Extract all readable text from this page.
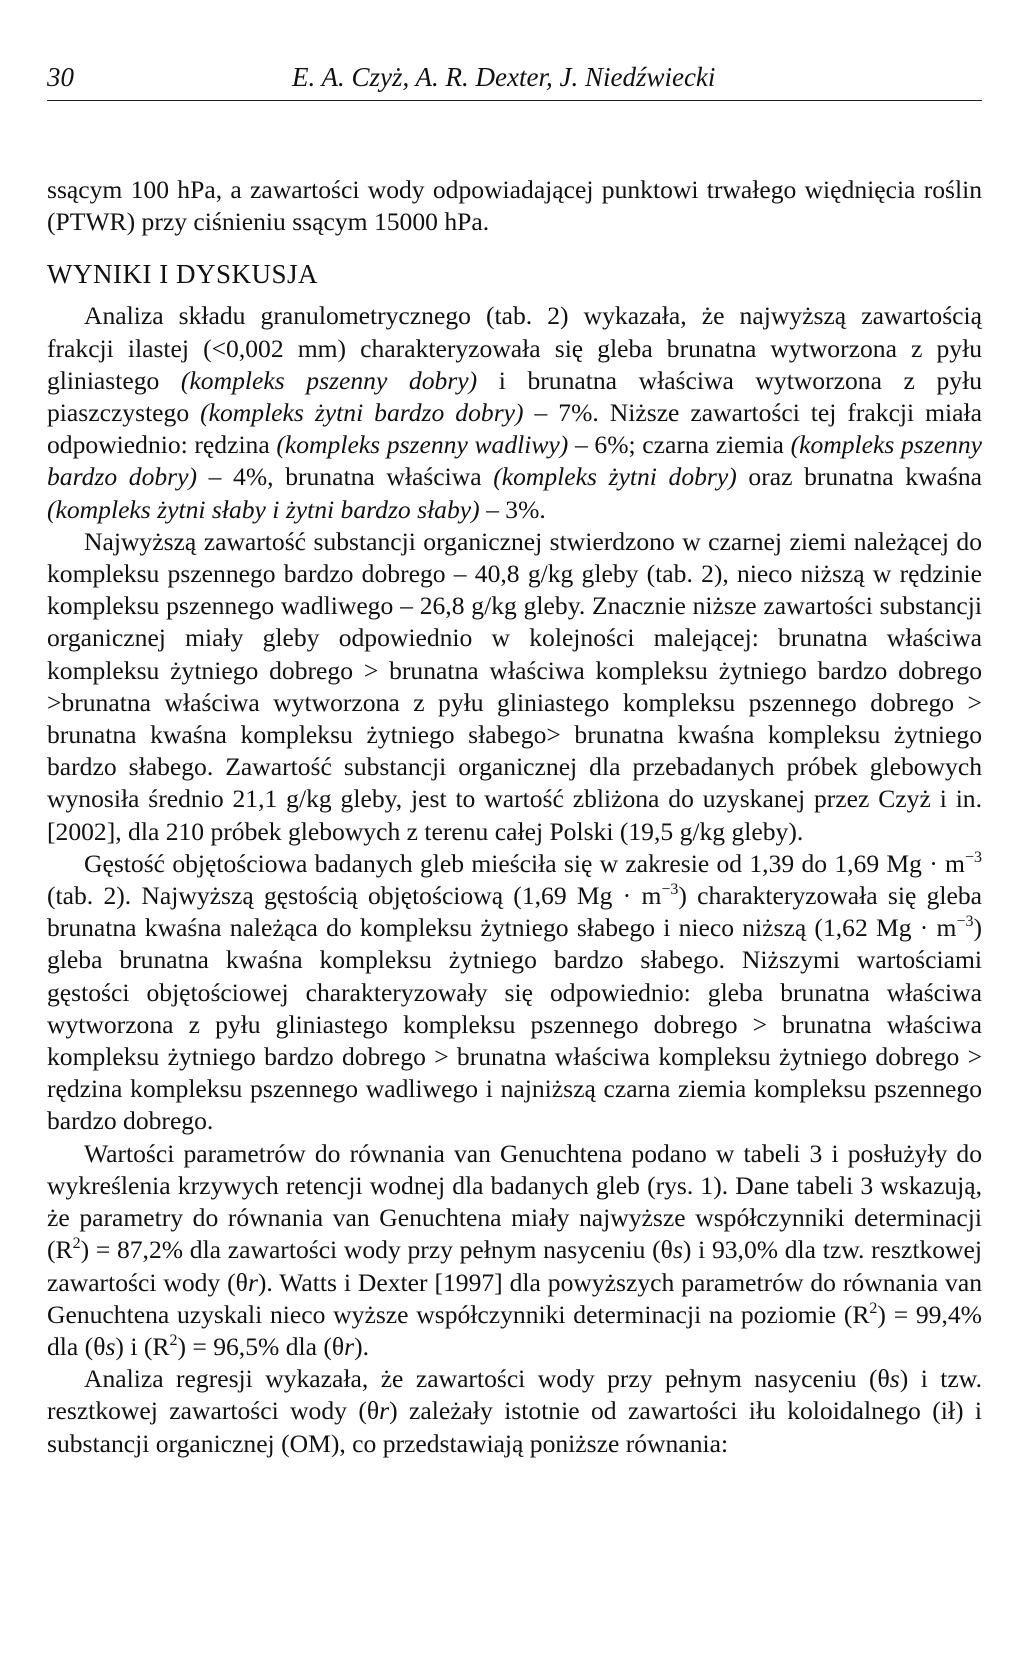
30	E. A. Czyż, A. R. Dexter, J. Niedźwiecki

ssącym 100 hPa, a zawartości wody odpowiadającej punktowi trwałego więdnięcia roślin (PTWR) przy ciśnieniu ssącym 15000 hPa.

WYNIKI I DYSKUSJA

Analiza składu granulometrycznego (tab. 2) wykazała, że najwyższą zawartością frakcji ilastej (<0,002 mm) charakteryzowała się gleba brunatna wytworzona z pyłu gliniastego (kompleks pszenny dobry) i brunatna właściwa wytworzona z pyłu piaszczystego (kompleks żytni bardzo dobry) – 7%. Niższe zawartości tej frakcji miała odpowiednio: rędzina (kompleks pszenny wadliwy) – 6%; czarna ziemia (kompleks pszenny bardzo dobry) – 4%, brunatna właściwa (kompleks żytni dobry) oraz brunatna kwaśna (kompleks żytni słaby i żytni bardzo słaby) – 3%.

Najwyższą zawartość substancji organicznej stwierdzono w czarnej ziemi należącej do kompleksu pszennego bardzo dobrego – 40,8 g/kg gleby (tab. 2), nieco niższą w rędzinie kompleksu pszennego wadliwego – 26,8 g/kg gleby. Znacznie niższe zawartości substancji organicznej miały gleby odpowiednio w kolejności malejącej: brunatna właściwa kompleksu żytniego dobrego > brunatna właściwa kompleksu żytniego bardzo dobrego >brunatna właściwa wytworzona z pyłu gliniastego kompleksu pszennego dobrego > brunatna kwaśna kompleksu żytniego słabego> brunatna kwaśna kompleksu żytniego bardzo słabego. Zawartość substancji organicznej dla przebadanych próbek glebowych wynosiła średnio 21,1 g/kg gleby, jest to wartość zbliżona do uzyskanej przez Czyż i in. [2002], dla 210 próbek glebowych z terenu całej Polski (19,5 g/kg gleby).

Gęstość objętościowa badanych gleb mieściła się w zakresie od 1,39 do 1,69 $Mg \cdot m^{-3}$ (tab. 2). Najwyższą gęstością objętościową (1,69 $Mg \cdot m^{-3}$) charakteryzowała się gleba brunatna kwaśna należąca do kompleksu żytniego słabego i nieco niższą (1,62 $Mg \cdot m^{-3}$) gleba brunatna kwaśna kompleksu żytniego bardzo słabego. Niższymi wartościami gęstości objętościowej charakteryzowały się odpowiednio: gleba brunatna właściwa wytworzona z pyłu gliniastego kompleksu pszennego dobrego > brunatna właściwa kompleksu żytniego bardzo dobrego > brunatna właściwa kompleksu żytniego dobrego > rędzina kompleksu pszennego wadliwego i najniższą czarna ziemia kompleksu pszennego bardzo dobrego.

Wartości parametrów do równania van Genuchtena podano w tabeli 3 i posłużyły do wykreślenia krzywych retencji wodnej dla badanych gleb (rys. 1). Dane tabeli 3 wskazują, że parametry do równania van Genuchtena miały najwyższe współczynniki determinacji $(R^2) = 87,2\%$ dla zawartości wody przy pełnym nasyceniu (θs) i 93,0% dla tzw. resztkowej zawartości wody (θr). Watts i Dexter [1997] dla powyższych parametrów do równania van Genuchtena uzyskali nieco wyższe współczynniki determinacji na poziomie $(R^2) = 99,4\%$ dla (θs) i $(R^2) = 96,5\%$ dla (θr).

Analiza regresji wykazała, że zawartości wody przy pełnym nasyceniu (θs) i tzw. resztkowej zawartości wody (θr) zależały istotnie od zawartości iłu koloidalnego (ił) i substancji organicznej (OM), co przedstawiają poniższe równania:
